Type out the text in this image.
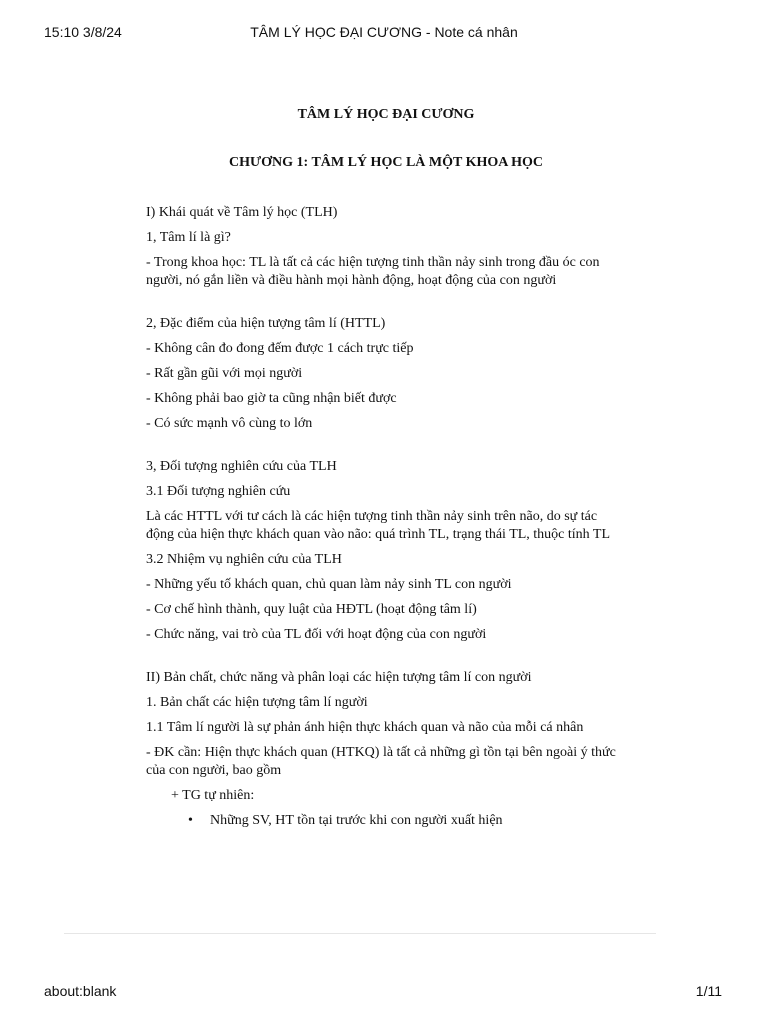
TÂM LÝ HỌC ĐẠI CƯƠNG - Note cá nhân
15:10 3/8/24

TÂM LÝ HỌC ĐẠI CƯƠNG

CHƯƠNG 1: TÂM LÝ HỌC LÀ MỘT KHOA HỌC

I) Khái quát về Tâm lý học (TLH)

1, Tâm lí là gì?

- Trong khoa học: TL là tất cả các hiện tượng tinh thần nảy sinh trong đầu óc con người, nó gắn liền và điều hành mọi hành động, hoạt động của con người

2, Đặc điểm của hiện tượng tâm lí (HTTL)

- Không cân đo đong đếm được 1 cách trực tiếp

- Rất gần gũi với mọi người

- Không phải bao giờ ta cũng nhận biết được

- Có sức mạnh vô cùng to lớn

3, Đối tượng nghiên cứu của TLH

3.1 Đối tượng nghiên cứu

Là các HTTL với tư cách là các hiện tượng tinh thần nảy sinh trên não, do sự tác động của hiện thực khách quan vào não: quá trình TL, trạng thái TL, thuộc tính TL

3.2 Nhiệm vụ nghiên cứu của TLH

- Những yếu tố khách quan, chủ quan làm nảy sinh TL con người

- Cơ chế hình thành, quy luật của HĐTL (hoạt động tâm lí)

- Chức năng, vai trò của TL đối với hoạt động của con người

II) Bản chất, chức năng và phân loại các hiện tượng tâm lí con người

1. Bản chất các hiện tượng tâm lí người

1.1 Tâm lí người là sự phản ánh hiện thực khách quan và não của mỗi cá nhân

- ĐK cần: Hiện thực khách quan (HTKQ) là tất cả những gì tồn tại bên ngoài ý thức của con người, bao gồm

+ TG tự nhiên:

•	Những SV, HT tồn tại trước khi con người xuất hiện
about:blank	1/11
